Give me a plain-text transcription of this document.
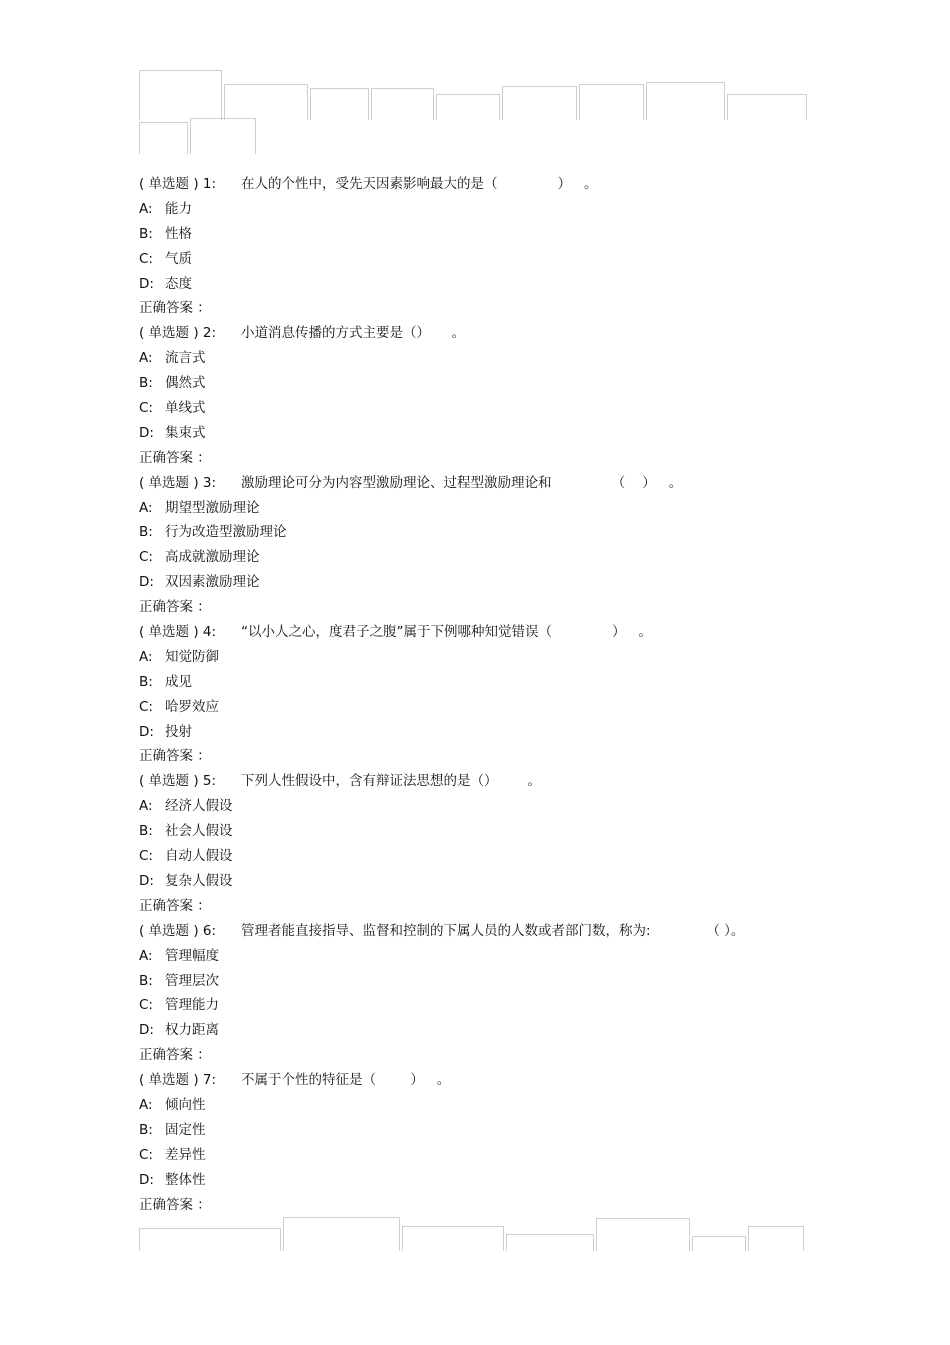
( 单选题 ) 1: 在人的个性中，受先天因素影响最大的是（              ）   。
A: 能力
B: 性格
C: 气质
D: 态度
正确答案 ：
( 单选题 ) 2: 小道消息传播的方式主要是（）     。
A: 流言式
B: 偶然式
C: 单线式
D: 集束式
正确答案 ：
( 单选题 ) 3: 激励理论可分为内容型激励理论、过程型激励理论和              （    ）   。
A: 期望型激励理论
B: 行为改造型激励理论
C: 高成就激励理论
D: 双因素激励理论
正确答案 ：
( 单选题 ) 4: “以小人之心，度君子之腹”属于下例哪种知觉错误（              ）   。
A: 知觉防御
B: 成见
C: 哈罗效应
D: 投射
正确答案 ：
( 单选题 ) 5: 下列人性假设中，含有辩证法思想的是（）       。
A: 经济人假设
B: 社会人假设
C: 自动人假设
D: 复杂人假设
正确答案 ：
( 单选题 ) 6: 管理者能直接指导、监督和控制的下属人员的人数或者部门数，称为:             （ ）。
A: 管理幅度
B: 管理层次
C: 管理能力
D: 权力距离
正确答案 ：
( 单选题 ) 7: 不属于个性的特征是（        ）   。
A: 倾向性
B: 固定性
C: 差异性
D: 整体性
正确答案 ：
